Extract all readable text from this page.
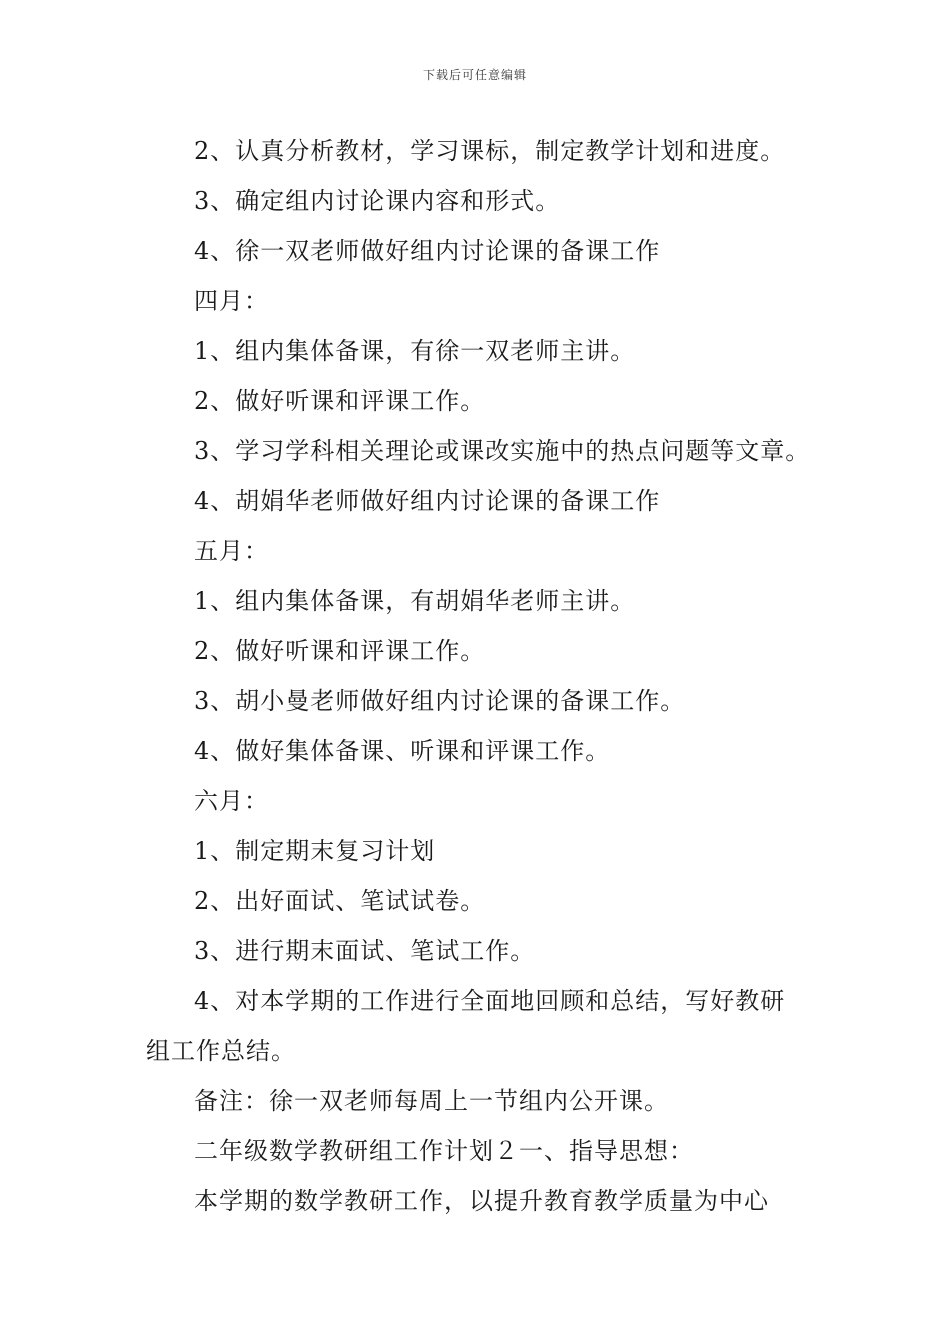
下载后可任意编辑
2、认真分析教材，学习课标，制定教学计划和进度。
3、确定组内讨论课内容和形式。
4、徐一双老师做好组内讨论课的备课工作
四月：
1、组内集体备课，有徐一双老师主讲。
2、做好听课和评课工作。
3、学习学科相关理论或课改实施中的热点问题等文章。
4、胡娟华老师做好组内讨论课的备课工作
五月：
1、组内集体备课，有胡娟华老师主讲。
2、做好听课和评课工作。
3、胡小曼老师做好组内讨论课的备课工作。
4、做好集体备课、听课和评课工作。
六月：
1、制定期末复习计划
2、出好面试、笔试试卷。
3、进行期末面试、笔试工作。
4、对本学期的工作进行全面地回顾和总结，写好教研组工作总结。
备注：徐一双老师每周上一节组内公开课。
二年级数学教研组工作计划２一、指导思想：
本学期的数学教研工作，以提升教育教学质量为中心
